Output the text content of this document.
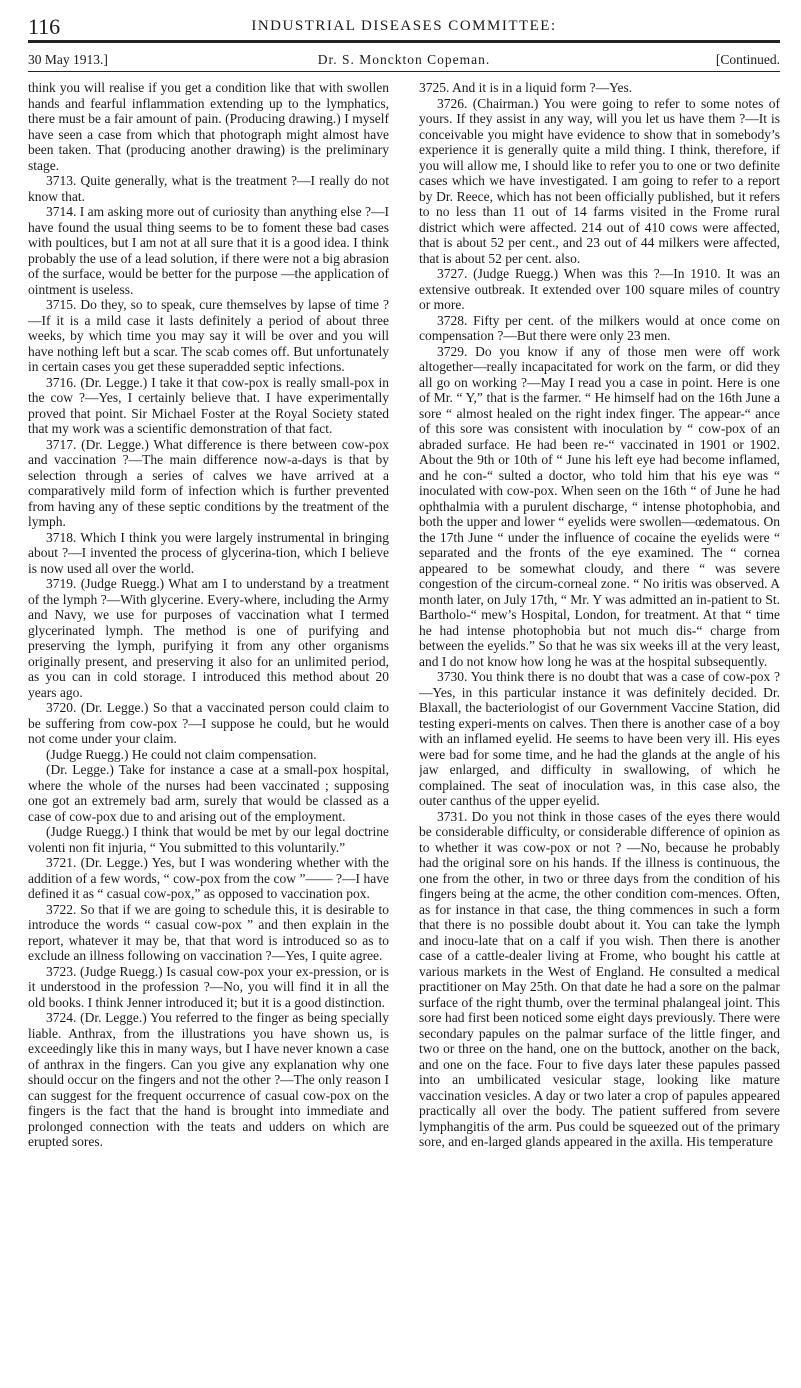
116	INDUSTRIAL DISEASES COMMITTEE:
30 May 1913.]	Dr. S. Monckton Copeman.	[Continued.

think you will realise if you get a condition like that with swollen hands and fearful inflammation extending up to the lymphatics, there must be a fair amount of pain. (Producing drawing.) I myself have seen a case from which that photograph might almost have been taken. That (producing another drawing) is the preliminary stage.

3713. Quite generally, what is the treatment ?—I really do not know that.

3714. I am asking more out of curiosity than anything else ?—I have found the usual thing seems to be to foment these bad cases with poultices, but I am not at all sure that it is a good idea. I think probably the use of a lead solution, if there were not a big abrasion of the surface, would be better for the purpose —the application of ointment is useless.

3715. Do they, so to speak, cure themselves by lapse of time ?—If it is a mild case it lasts definitely a period of about three weeks, by which time you may say it will be over and you will have nothing left but a scar. The scab comes off. But unfortunately in certain cases you get these superadded septic infections.

3716. (Dr. Legge.) I take it that cow-pox is really small-pox in the cow ?—Yes, I certainly believe that. I have experimentally proved that point. Sir Michael Foster at the Royal Society stated that my work was a scientific demonstration of that fact.

3717. (Dr. Legge.) What difference is there between cow-pox and vaccination ?—The main difference now-a-days is that by selection through a series of calves we have arrived at a comparatively mild form of infection which is further prevented from having any of these septic conditions by the treatment of the lymph.

3718. Which I think you were largely instrumental in bringing about ?—I invented the process of glycerina-tion, which I believe is now used all over the world.

3719. (Judge Ruegg.) What am I to understand by a treatment of the lymph ?—With glycerine. Every-where, including the Army and Navy, we use for purposes of vaccination what I termed glycerinated lymph. The method is one of purifying and preserving the lymph, purifying it from any other organisms originally present, and preserving it also for an unlimited period, as you can in cold storage. I introduced this method about 20 years ago.

3720. (Dr. Legge.) So that a vaccinated person could claim to be suffering from cow-pox ?—I suppose he could, but he would not come under your claim.

(Judge Ruegg.) He could not claim compensation.

(Dr. Legge.) Take for instance a case at a small-pox hospital, where the whole of the nurses had been vaccinated ; supposing one got an extremely bad arm, surely that would be classed as a case of cow-pox due to and arising out of the employment.

(Judge Ruegg.) I think that would be met by our legal doctrine volenti non fit injuria, “ You submitted to this voluntarily.”

3721. (Dr. Legge.) Yes, but I was wondering whether with the addition of a few words, “ cow-pox from the cow ”—— ?—I have defined it as “ casual cow-pox,” as opposed to vaccination pox.

3722. So that if we are going to schedule this, it is desirable to introduce the words “ casual cow-pox ” and then explain in the report, whatever it may be, that that word is introduced so as to exclude an illness following on vaccination ?—Yes, I quite agree.

3723. (Judge Ruegg.) Is casual cow-pox your ex-pression, or is it understood in the profession ?—No, you will find it in all the old books. I think Jenner introduced it; but it is a good distinction.

3724. (Dr. Legge.) You referred to the finger as being specially liable. Anthrax, from the illustrations you have shown us, is exceedingly like this in many ways, but I have never known a case of anthrax in the fingers. Can you give any explanation why one should occur on the fingers and not the other ?—The only reason I can suggest for the frequent occurrence of casual cow-pox on the fingers is the fact that the hand is brought into immediate and prolonged connection with the teats and udders on which are erupted sores.

3725. And it is in a liquid form ?—Yes.

3726. (Chairman.) You were going to refer to some notes of yours. If they assist in any way, will you let us have them ?—It is conceivable you might have evidence to show that in somebody’s experience it is generally quite a mild thing. I think, therefore, if you will allow me, I should like to refer you to one or two definite cases which we have investigated. I am going to refer to a report by Dr. Reece, which has not been officially published, but it refers to no less than 11 out of 14 farms visited in the Frome rural district which were affected. 214 out of 410 cows were affected, that is about 52 per cent., and 23 out of 44 milkers were affected, that is about 52 per cent. also.

3727. (Judge Ruegg.) When was this ?—In 1910. It was an extensive outbreak. It extended over 100 square miles of country or more.

3728. Fifty per cent. of the milkers would at once come on compensation ?—But there were only 23 men.

3729. Do you know if any of those men were off work altogether—really incapacitated for work on the farm, or did they all go on working ?—May I read you a case in point. Here is one of Mr. “ Y,” that is the farmer. “ He himself had on the 16th June a sore “ almost healed on the right index finger. The appear-“ ance of this sore was consistent with inoculation by “ cow-pox of an abraded surface. He had been re-“ vaccinated in 1901 or 1902. About the 9th or 10th of “ June his left eye had become inflamed, and he con-“ sulted a doctor, who told him that his eye was “ inoculated with cow-pox. When seen on the 16th “ of June he had ophthalmia with a purulent discharge, “ intense photophobia, and both the upper and lower “ eyelids were swollen—œdematous. On the 17th June “ under the influence of cocaine the eyelids were “ separated and the fronts of the eye examined. The “ cornea appeared to be somewhat cloudy, and there “ was severe congestion of the circum-corneal zone. “ No iritis was observed. A month later, on July 17th, “ Mr. Y was admitted an in-patient to St. Bartholo-“ mew’s Hospital, London, for treatment. At that “ time he had intense photophobia but not much dis-“ charge from between the eyelids.” So that he was six weeks ill at the very least, and I do not know how long he was at the hospital subsequently.

3730. You think there is no doubt that was a case of cow-pox ?—Yes, in this particular instance it was definitely decided. Dr. Blaxall, the bacteriologist of our Government Vaccine Station, did testing experi-ments on calves. Then there is another case of a boy with an inflamed eyelid. He seems to have been very ill. His eyes were bad for some time, and he had the glands at the angle of his jaw enlarged, and difficulty in swallowing, of which he complained. The seat of inoculation was, in this case also, the outer canthus of the upper eyelid.

3731. Do you not think in those cases of the eyes there would be considerable difficulty, or considerable difference of opinion as to whether it was cow-pox or not ? —No, because he probably had the original sore on his hands. If the illness is continuous, the one from the other, in two or three days from the condition of his fingers being at the acme, the other condition com-mences. Often, as for instance in that case, the thing commences in such a form that there is no possible doubt about it. You can take the lymph and inocu-late that on a calf if you wish. Then there is another case of a cattle-dealer living at Frome, who bought his cattle at various markets in the West of England. He consulted a medical practitioner on May 25th. On that date he had a sore on the palmar surface of the right thumb, over the terminal phalangeal joint. This sore had first been noticed some eight days previously. There were secondary papules on the palmar surface of the little finger, and two or three on the hand, one on the buttock, another on the back, and one on the face. Four to five days later these papules passed into an umbilicated vesicular stage, looking like mature vaccination vesicles. A day or two later a crop of papules appeared practically all over the body. The patient suffered from severe lymphangitis of the arm. Pus could be squeezed out of the primary sore, and en-larged glands appeared in the axilla. His temperature
